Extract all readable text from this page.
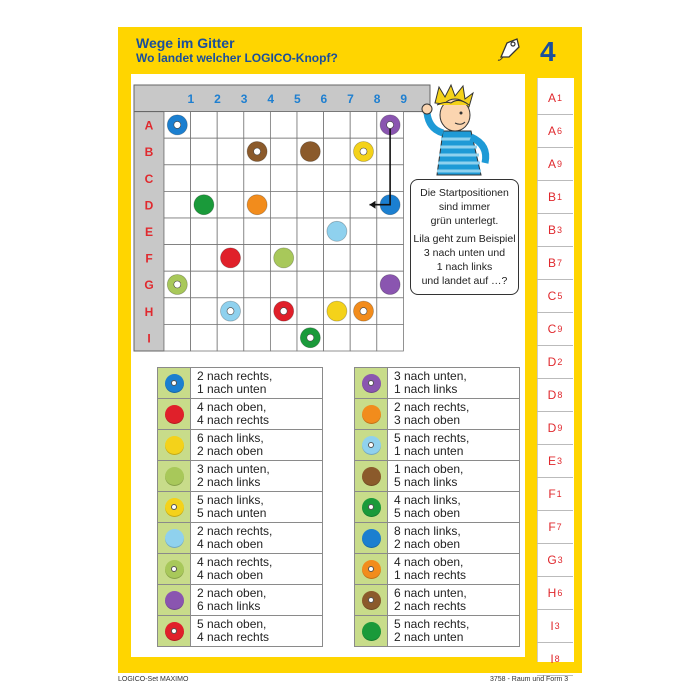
Wege im Gitter
Wo landet welcher LOGICO-Knopf?	4
1 2 3 4 5 6 7 8 9
A
B
C
D
E
F
G
H
I

Die Startpositionen
sind immer
grün unterlegt.

Lila geht zum Beispiel
3 nach unten und
1 nach links
und landet auf …?

	2 nach rechts,
1 nach unten

	4 nach oben,
4 nach rechts

	6 nach links,
2 nach oben

	3 nach unten,
2 nach links

	5 nach links,
5 nach unten

	2 nach rechts,
4 nach oben

	4 nach rechts,
4 nach oben

	2 nach oben,
6 nach links

	5 nach oben,
4 nach rechts

	3 nach unten,
1 nach links

	2 nach rechts,
3 nach oben

	5 nach rechts,
1 nach unten

	1 nach oben,
5 nach links

	4 nach links,
5 nach oben

	8 nach links,
2 nach oben

	4 nach oben,
1 nach rechts

	6 nach unten,
2 nach rechts

	5 nach rechts,
2 nach unten
A 1
A 6
A 9
B 1
B 3
B 7
C 5
C 9
D 2
D 8
D 9
E 3
F 1
F 7
G 3
H 6
I 3
I 8
LOGICO-Set MAXIMO	3758 - Raum und Form 3
